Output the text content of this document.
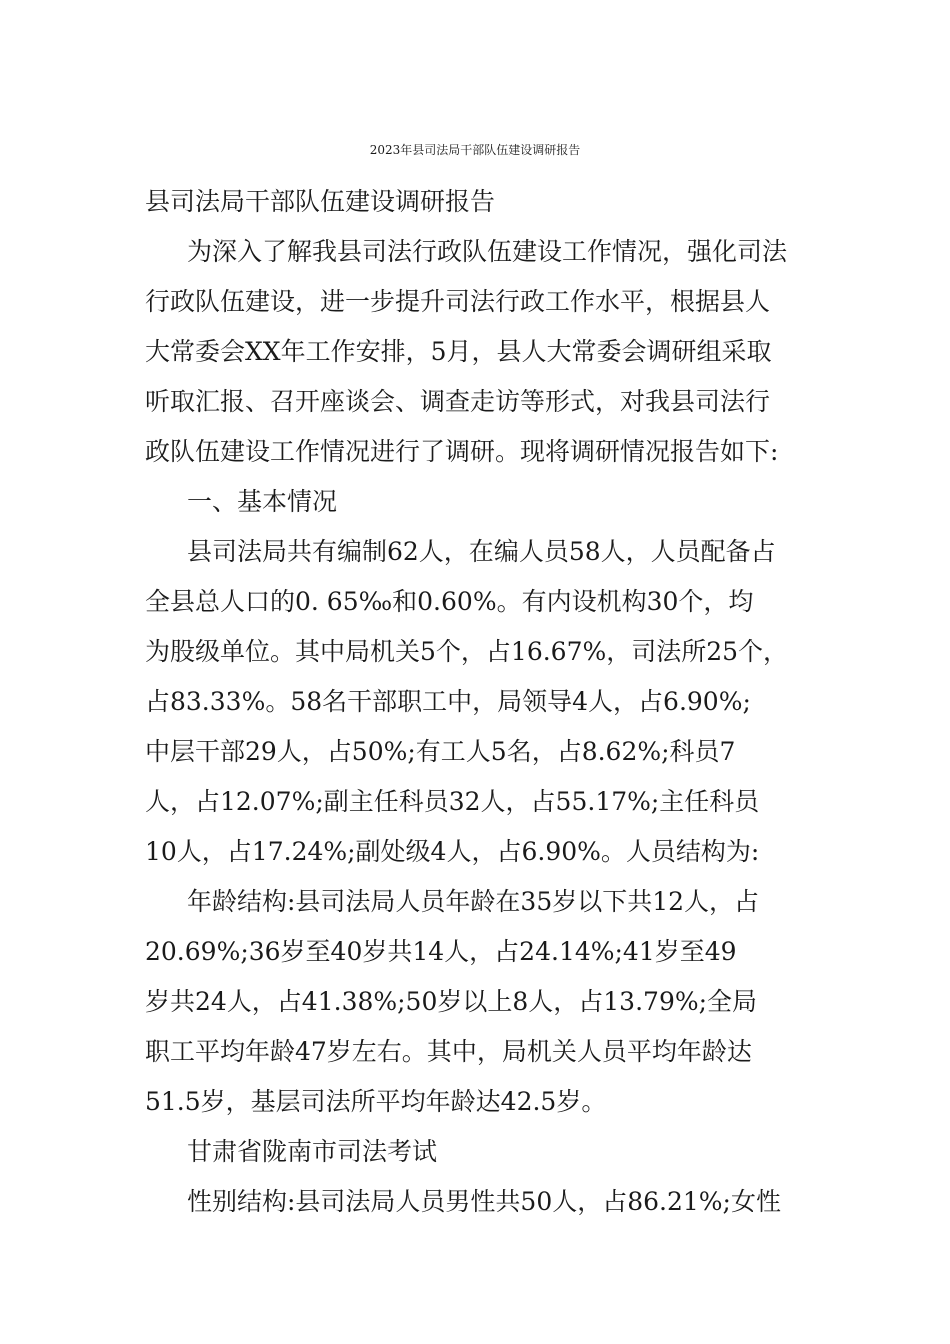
2023年县司法局干部队伍建设调研报告
县司法局干部队伍建设调研报告
为深入了解我县司法行政队伍建设工作情况，强化司法
行政队伍建设，进一步提升司法行政工作水平，根据县人
大常委会XX年工作安排，5月，县人大常委会调研组采取
听取汇报、召开座谈会、调查走访等形式，对我县司法行
政队伍建设工作情况进行了调研。现将调研情况报告如下:
一、基本情况
县司法局共有编制62人，在编人员58人，人员配备占
全县总人口的0. 65‰和0.60%。有内设机构30个，均
为股级单位。其中局机关5个，占16.67%，司法所25个，
占83.33%。58名干部职工中，局领导4人，占6.90%;
中层干部29人，占50%;有工人5名，占8.62%;科员7
人，占12.07%;副主任科员32人，占55.17%;主任科员
10人，占17.24%;副处级4人，占6.90%。人员结构为:
年龄结构:县司法局人员年龄在35岁以下共12人，占
20.69%;36岁至40岁共14人，占24.14%;41岁至49
岁共24人，占41.38%;50岁以上8人，占13.79%;全局
职工平均年龄47岁左右。其中，局机关人员平均年龄达
51.5岁，基层司法所平均年龄达42.5岁。
甘肃省陇南市司法考试
性别结构:县司法局人员男性共50人，占86.21%;女性
